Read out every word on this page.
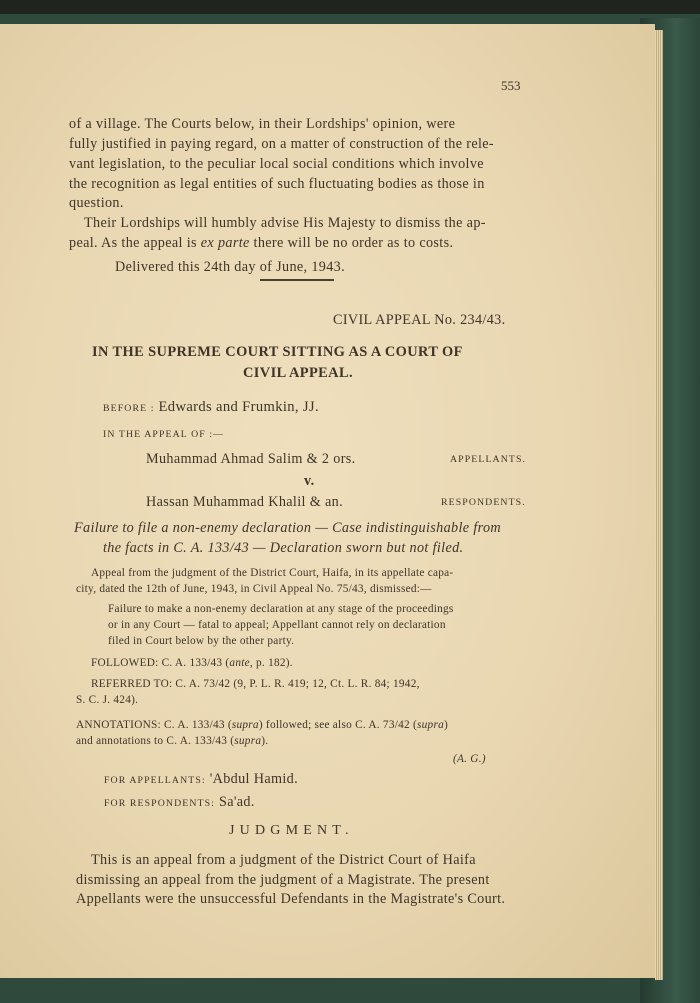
553
of a village. The Courts below, in their Lordships' opinion, were
fully justified in paying regard, on a matter of construction of the rele-
vant legislation, to the peculiar local social conditions which involve
the recognition as legal entities of such fluctuating bodies as those in
question.
Their Lordships will humbly advise His Majesty to dismiss the ap-
peal. As the appeal is ex parte there will be no order as to costs.
Delivered this 24th day of June, 1943.
CIVIL APPEAL No. 234/43.
IN THE SUPREME COURT SITTING AS A COURT OF
CIVIL APPEAL.
BEFORE : Edwards and Frumkin, JJ.
IN THE APPEAL OF :—
Muhammad Ahmad Salim & 2 ors.	APPELLANTS.
v.
Hassan Muhammad Khalil & an.	RESPONDENTS.
Failure to file a non-enemy declaration — Case indistinguishable from
the facts in C. A. 133/43 — Declaration sworn but not filed.
Appeal from the judgment of the District Court, Haifa, in its appellate capa-
city, dated the 12th of June, 1943, in Civil Appeal No. 75/43, dismissed:—
Failure to make a non-enemy declaration at any stage of the proceedings
or in any Court — fatal to appeal; Appellant cannot rely on declaration
filed in Court below by the other party.
FOLLOWED: C. A. 133/43 (ante, p. 182).
REFERRED TO: C. A. 73/42 (9, P. L. R. 419; 12, Ct. L. R. 84; 1942,
S. C. J. 424).
ANNOTATIONS: C. A. 133/43 (supra) followed; see also C. A. 73/42 (supra)
and annotations to C. A. 133/43 (supra).
(A. G.)
FOR APPELLANTS: 'Abdul Hamid.
FOR RESPONDENTS: Sa'ad.
JUDGMENT.
This is an appeal from a judgment of the District Court of Haifa
dismissing an appeal from the judgment of a Magistrate. The present
Appellants were the unsuccessful Defendants in the Magistrate's Court.
